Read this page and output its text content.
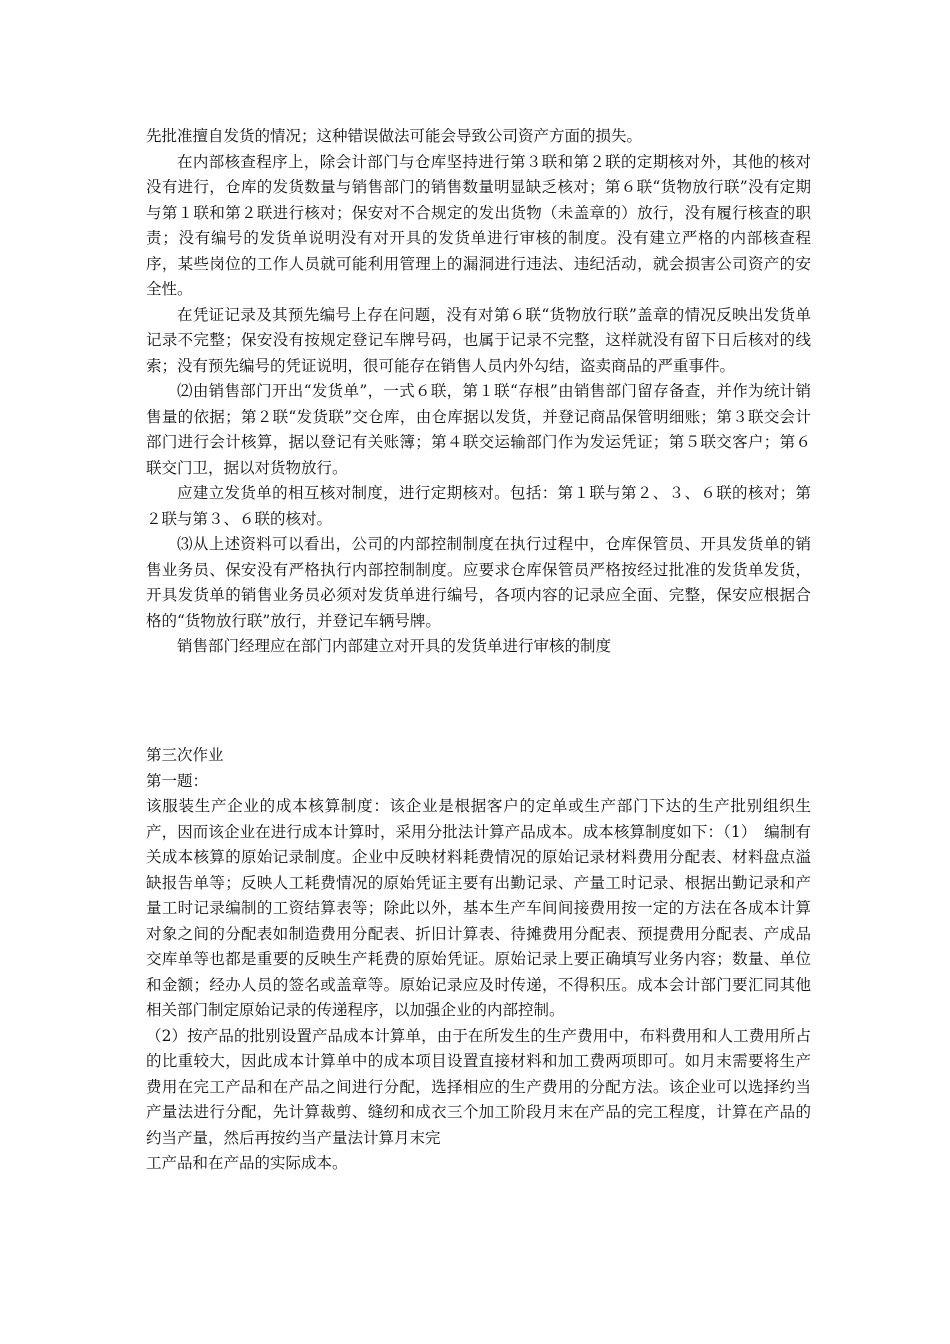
先批准擅自发货的情况；这种错误做法可能会导致公司资产方面的损失。

在内部核查程序上，除会计部门与仓库坚持进行第３联和第２联的定期核对外，其他的核对没有进行，仓库的发货数量与销售部门的销售数量明显缺乏核对；第６联“货物放行联”没有定期与第１联和第２联进行核对；保安对不合规定的发出货物（未盖章的）放行，没有履行核查的职责；没有编号的发货单说明没有对开具的发货单进行审核的制度。没有建立严格的内部核查程序，某些岗位的工作人员就可能利用管理上的漏洞进行违法、违纪活动，就会损害公司资产的安全性。

在凭证记录及其预先编号上存在问题，没有对第６联“货物放行联”盖章的情况反映出发货单记录不完整；保安没有按规定登记车牌号码，也属于记录不完整，这样就没有留下日后核对的线索；没有预先编号的凭证说明，很可能存在销售人员内外勾结，盗卖商品的严重事件。

⑵由销售部门开出“发货单”，一式６联，第１联“存根”由销售部门留存备查，并作为统计销售量的依据；第２联“发货联”交仓库，由仓库据以发货，并登记商品保管明细账；第３联交会计部门进行会计核算，据以登记有关账簿；第４联交运输部门作为发运凭证；第５联交客户；第６联交门卫，据以对货物放行。

应建立发货单的相互核对制度，进行定期核对。包括：第１联与第２、３、６联的核对；第２联与第３、６联的核对。

⑶从上述资料可以看出，公司的内部控制制度在执行过程中，仓库保管员、开具发货单的销售业务员、保安没有严格执行内部控制制度。应要求仓库保管员严格按经过批准的发货单发货，开具发货单的销售业务员必须对发货单进行编号，各项内容的记录应全面、完整，保安应根据合格的“货物放行联”放行，并登记车辆号牌。

销售部门经理应在部门内部建立对开具的发货单进行审核的制度

第三次作业

第一题：

该服装生产企业的成本核算制度：该企业是根据客户的定单或生产部门下达的生产批别组织生产，因而该企业在进行成本计算时，采用分批法计算产品成本。成本核算制度如下：（1）　编制有关成本核算的原始记录制度。企业中反映材料耗费情况的原始记录材料费用分配表、材料盘点溢缺报告单等；反映人工耗费情况的原始凭证主要有出勤记录、产量工时记录、根据出勤记录和产量工时记录编制的工资结算表等；除此以外，基本生产车间间接费用按一定的方法在各成本计算对象之间的分配表如制造费用分配表、折旧计算表、待摊费用分配表、预提费用分配表、产成品交库单等也都是重要的反映生产耗费的原始凭证。原始记录上要正确填写业务内容；数量、单位和金额；经办人员的签名或盖章等。原始记录应及时传递，不得积压。成本会计部门要汇同其他相关部门制定原始记录的传递程序，以加强企业的内部控制。

（2）按产品的批别设置产品成本计算单，由于在所发生的生产费用中，布料费用和人工费用所占的比重较大，因此成本计算单中的成本项目设置直接材料和加工费两项即可。如月末需要将生产费用在完工产品和在产品之间进行分配，选择相应的生产费用的分配方法。该企业可以选择约当产量法进行分配，先计算裁剪、缝纫和成衣三个加工阶段月末在产品的完工程度，计算在产品的约当产量，然后再按约当产量法计算月末完

工产品和在产品的实际成本。
